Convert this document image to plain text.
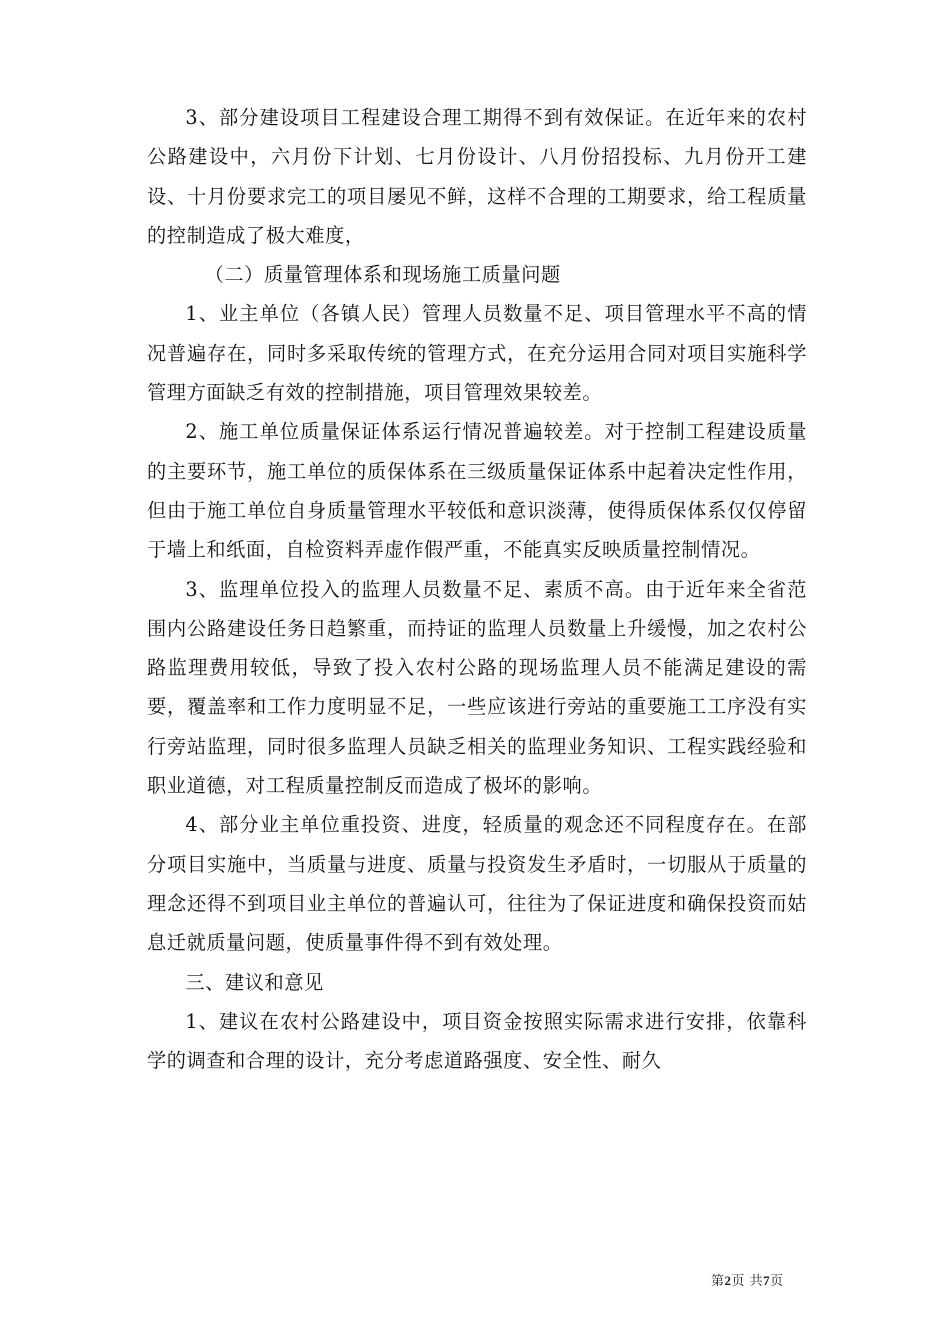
3、部分建设项目工程建设合理工期得不到有效保证。在近年来的农村公路建设中，六月份下计划、七月份设计、八月份招投标、九月份开工建设、十月份要求完工的项目屡见不鲜，这样不合理的工期要求，给工程质量的控制造成了极大难度，

（二）质量管理体系和现场施工质量问题

1、业主单位（各镇人民）管理人员数量不足、项目管理水平不高的情况普遍存在，同时多采取传统的管理方式，在充分运用合同对项目实施科学管理方面缺乏有效的控制措施，项目管理效果较差。

2、施工单位质量保证体系运行情况普遍较差。对于控制工程建设质量的主要环节，施工单位的质保体系在三级质量保证体系中起着决定性作用，但由于施工单位自身质量管理水平较低和意识淡薄，使得质保体系仅仅停留于墙上和纸面，自检资料弄虚作假严重，不能真实反映质量控制情况。

3、监理单位投入的监理人员数量不足、素质不高。由于近年来全省范围内公路建设任务日趋繁重，而持证的监理人员数量上升缓慢，加之农村公路监理费用较低，导致了投入农村公路的现场监理人员不能满足建设的需要，覆盖率和工作力度明显不足，一些应该进行旁站的重要施工工序没有实行旁站监理，同时很多监理人员缺乏相关的监理业务知识、工程实践经验和职业道德，对工程质量控制反而造成了极坏的影响。

4、部分业主单位重投资、进度，轻质量的观念还不同程度存在。在部分项目实施中，当质量与进度、质量与投资发生矛盾时，一切服从于质量的理念还得不到项目业主单位的普遍认可，往往为了保证进度和确保投资而姑息迁就质量问题，使质量事件得不到有效处理。

三、建议和意见

1、建议在农村公路建设中，项目资金按照实际需求进行安排，依靠科学的调查和合理的设计，充分考虑道路强度、安全性、耐久

第2页 共7页
